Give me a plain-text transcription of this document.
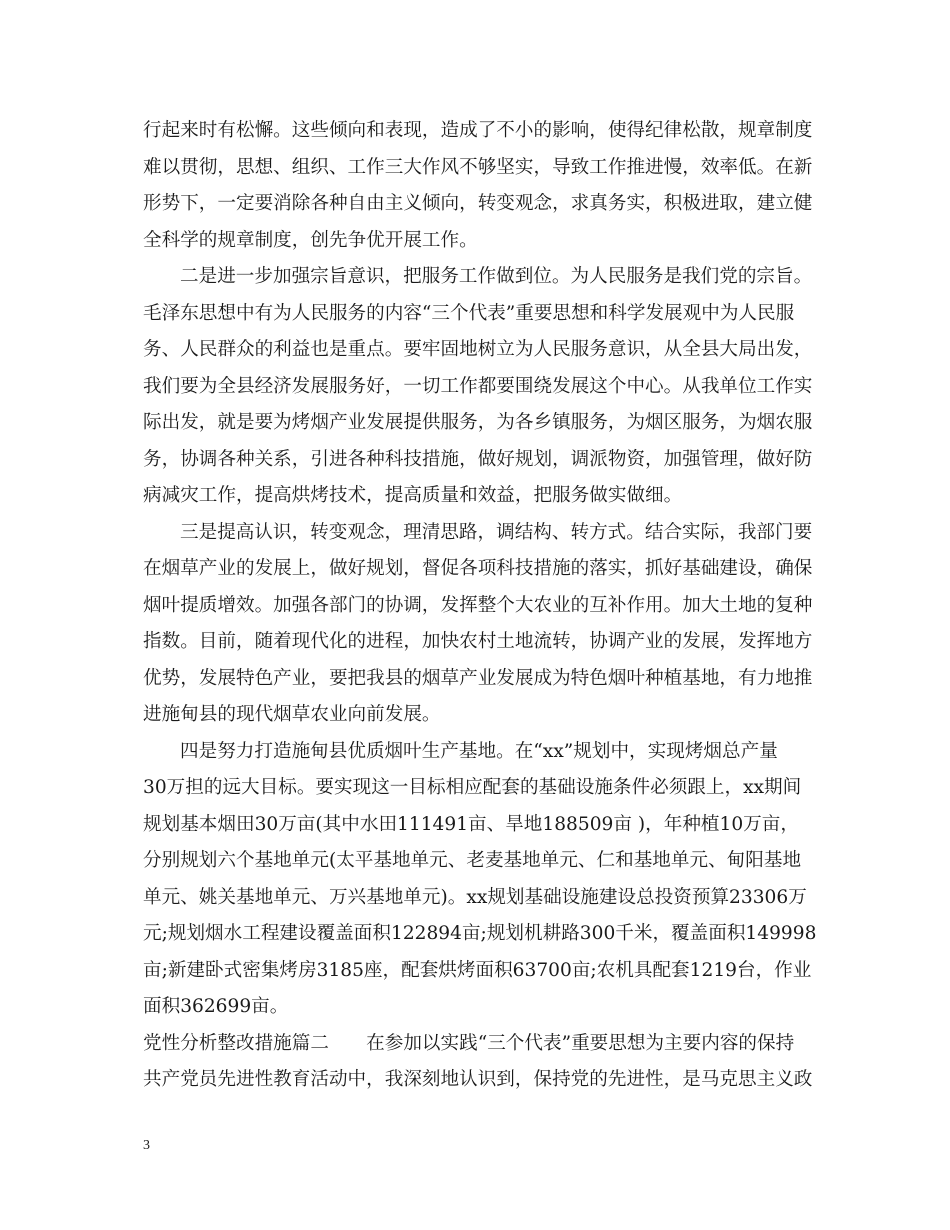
行起来时有松懈。这些倾向和表现，造成了不小的影响，使得纪律松散，规章制度
难以贯彻，思想、组织、工作三大作风不够坚实，导致工作推进慢，效率低。在新
形势下，一定要消除各种自由主义倾向，转变观念，求真务实，积极进取，建立健
全科学的规章制度，创先争优开展工作。
二是进一步加强宗旨意识，把服务工作做到位。为人民服务是我们党的宗旨。
毛泽东思想中有为人民服务的内容“三个代表”重要思想和科学发展观中为人民服
务、人民群众的利益也是重点。要牢固地树立为人民服务意识，从全县大局出发，
我们要为全县经济发展服务好，一切工作都要围绕发展这个中心。从我单位工作实
际出发，就是要为烤烟产业发展提供服务，为各乡镇服务，为烟区服务，为烟农服
务，协调各种关系，引进各种科技措施，做好规划，调派物资，加强管理，做好防
病减灾工作，提高烘烤技术，提高质量和效益，把服务做实做细。
三是提高认识，转变观念，理清思路，调结构、转方式。结合实际，我部门要
在烟草产业的发展上，做好规划，督促各项科技措施的落实，抓好基础建设，确保
烟叶提质增效。加强各部门的协调，发挥整个大农业的互补作用。加大土地的复种
指数。目前，随着现代化的进程，加快农村土地流转，协调产业的发展，发挥地方
优势，发展特色产业，要把我县的烟草产业发展成为特色烟叶种植基地，有力地推
进施甸县的现代烟草农业向前发展。
四是努力打造施甸县优质烟叶生产基地。在“xx”规划中，实现烤烟总产量
30万担的远大目标。要实现这一目标相应配套的基础设施条件必须跟上，xx期间
规划基本烟田30万亩(其中水田111491亩、旱地188509亩 )，年种植10万亩，
分别规划六个基地单元(太平基地单元、老麦基地单元、仁和基地单元、甸阳基地
单元、姚关基地单元、万兴基地单元)。xx规划基础设施建设总投资预算23306万
元;规划烟水工程建设覆盖面积122894亩;规划机耕路300千米，覆盖面积149998
亩;新建卧式密集烤房3185座，配套烘烤面积63700亩;农机具配套1219台，作业
面积362699亩。
党性分析整改措施篇二　　在参加以实践“三个代表”重要思想为主要内容的保持
共产党员先进性教育活动中，我深刻地认识到，保持党的先进性，是马克思主义政
3
